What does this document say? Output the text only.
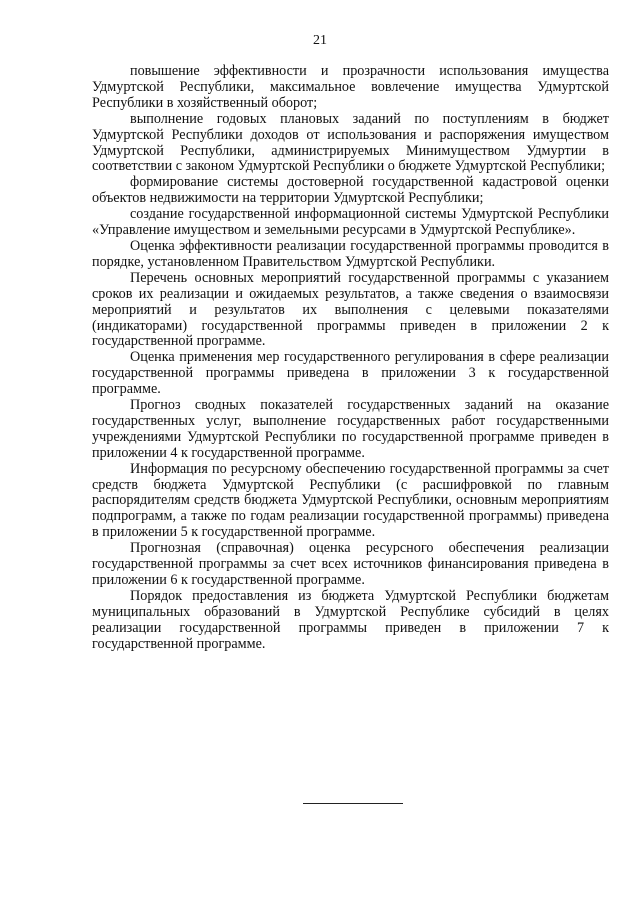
21

повышение эффективности и прозрачности использования имущества Удмуртской Республики, максимальное вовлечение имущества Удмуртской Республики в хозяйственный оборот;

выполнение годовых плановых заданий по поступлениям в бюджет Удмуртской Республики доходов от использования и распоряжения имуществом Удмуртской Республики, администрируемых Минимуществом Удмуртии в соответствии с законом Удмуртской Республики о бюджете Удмуртской Республики;

формирование системы достоверной государственной кадастровой оценки объектов недвижимости на территории Удмуртской Республики;

создание государственной информационной системы Удмуртской Республики «Управление имуществом и земельными ресурсами в Удмуртской Республике».

Оценка эффективности реализации государственной программы проводится в порядке, установленном Правительством Удмуртской Республики.

Перечень основных мероприятий государственной программы с указанием сроков их реализации и ожидаемых результатов, а также сведения о взаимосвязи мероприятий и результатов их выполнения с целевыми показателями (индикаторами) государственной программы приведен в приложении 2 к государственной программе.

Оценка применения мер государственного регулирования в сфере реализации государственной программы приведена в приложении 3 к государственной программе.

Прогноз сводных показателей государственных заданий на оказание государственных услуг, выполнение государственных работ государственными учреждениями Удмуртской Республики по государственной программе приведен в приложении 4 к государственной программе.

Информация по ресурсному обеспечению государственной программы за счет средств бюджета Удмуртской Республики (с расшифровкой по главным распорядителям средств бюджета Удмуртской Республики, основным мероприятиям подпрограмм, а также по годам реализации государственной программы) приведена в приложении 5 к государственной программе.

Прогнозная (справочная) оценка ресурсного обеспечения реализации государственной программы за счет всех источников финансирования приведена в приложении 6 к государственной программе.

Порядок предоставления из бюджета Удмуртской Республики бюджетам муниципальных образований в Удмуртской Республике субсидий в целях реализации государственной программы приведен в приложении 7 к государственной программе.
